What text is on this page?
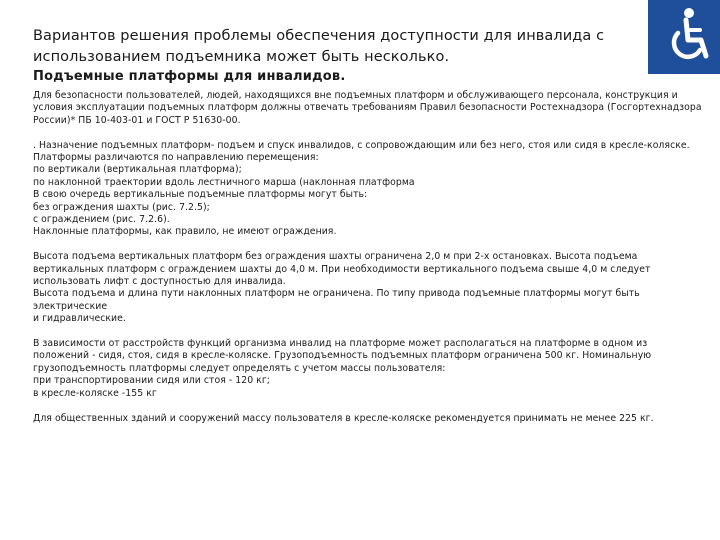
Вариантов решения проблемы обеспечения доступности для инвалида с использованием подъемника может быть несколько.
Подъемные платформы для инвалидов.

Для безопасности пользователей, людей, находящихся вне подъемных платформ и обслуживающего персонала, конструкция и условия эксплуатации подъемных платформ должны отвечать требованиям Правил безопасности Ростехнадзора (Госгортехнадзора России)* ПБ 10-403-01 и ГОСТ Р 51630-00.

. Назначение подъемных платформ- подъем и спуск инвалидов, с сопровождающим или без него, стоя или сидя в кресле-коляске.

Платформы различаются по направлению перемещения:

по вертикали (вертикальная платформа);

по наклонной траектории вдоль лестничного марша (наклонная платформа

В свою очередь вертикальные подъемные платформы могут быть:

без ограждения шахты (рис. 7.2.5);

с ограждением (рис. 7.2.6).

Наклонные платформы, как правило, не имеют ограждения.

Высота подъема вертикальных платформ без ограждения шахты ограничена 2,0 м при 2-х остановках. Высота подъема вертикальных платформ с ограждением шахты до 4,0 м. При необходимости вертикального подъема свыше 4,0 м следует использовать лифт с доступностью для инвалида.

Высота подъема и длина пути наклонных платформ не ограничена. По типу привода подъемные платформы могут быть электрические

и гидравлические.

В зависимости от расстройств функций организма инвалид на платформе может располагаться на платформе в одном из положений - сидя, стоя, сидя в кресле-коляске. Грузоподъемность подъемных платформ ограничена 500 кг. Номинальную грузоподъемность платформы следует определять с учетом массы пользователя:

при транспортировании сидя или стоя - 120 кг;

в кресле-коляске -155 кг

Для общественных зданий и сооружений массу пользователя в кресле-коляске рекомендуется принимать не менее 225 кг.
